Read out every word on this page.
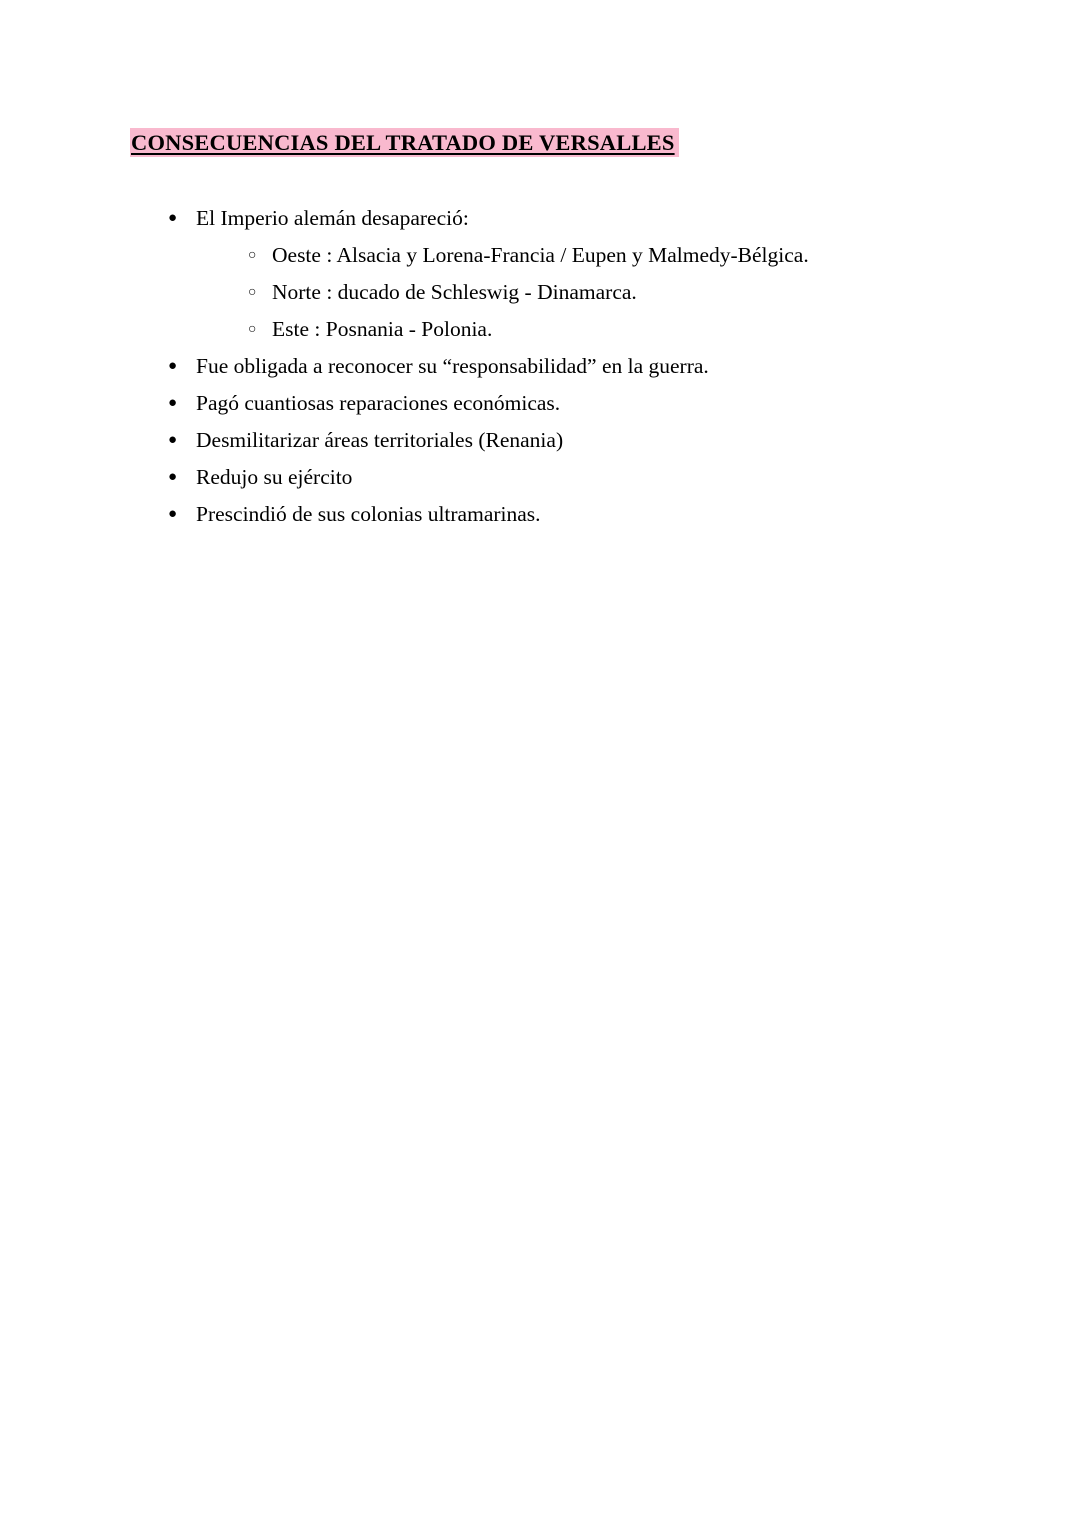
CONSECUENCIAS DEL TRATADO DE VERSALLES
● El Imperio alemán desapareció:
○ Oeste : Alsacia y Lorena-Francia / Eupen y Malmedy-Bélgica.
○ Norte : ducado de Schleswig - Dinamarca.
○ Este : Posnania - Polonia.
● Fue obligada a reconocer su “responsabilidad” en la guerra.
● Pagó cuantiosas reparaciones económicas.
● Desmilitarizar áreas territoriales (Renania)
● Redujo su ejército
● Prescindió de sus colonias ultramarinas.
